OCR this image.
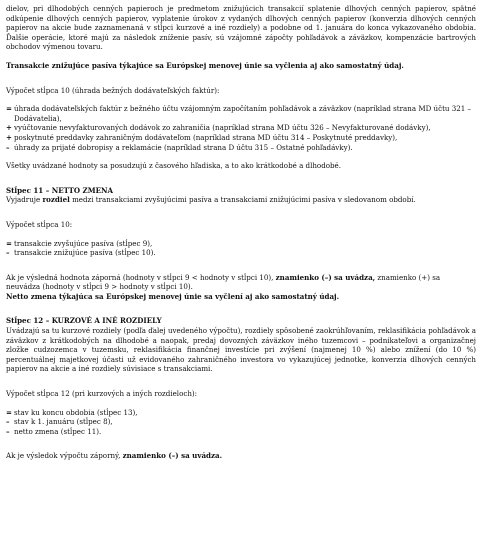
dielov, pri dlhodobých cenných papieroch je predmetom znižujúcich transakcií splatenie dlhových cenných papierov, spätné odkúpenie dlhových cenných papierov, vyplatenie úrokov z vydaných dlhových cenných papierov (konverzia dlhových cenných papierov na akcie bude zaznamenaná v stĺpci kurzové a iné rozdiely) a podobne od 1. januára do konca vykazovaného obdobia. Ďalšie operácie, ktoré majú za následok zníženie pasív, sú vzájomné zápočty pohľadávok a záväzkov, kompenzácie bartrových obchodov výmenou tovaru.

Transakcie znižujúce pasíva týkajúce sa Európskej menovej únie sa vyčlenia aj ako samostatný údaj.

Výpočet stĺpca 10 (úhrada bežných dodávateľských faktúr):

= úhrada dodávateľských faktúr z bežného účtu vzájomným započítaním pohľadávok a záväzkov (napríklad strana MD účtu 321 – Dodávatelia),
+ vyúčtovanie nevyfakturovaných dodávok zo zahraničia (napríklad strana MD účtu 326 – Nevyfakturované dodávky),
+ poskytnuté preddavky zahraničným dodávateľom (napríklad strana MD účtu 314 – Poskytnuté preddavky),
– úhrady za prijaté dobropisy a reklamácie (napríklad strana D účtu 315 – Ostatné pohľadávky).

Všetky uvádzané hodnoty sa posudzujú z časového hľadiska, a to ako krátkodobé a dlhodobé.

Stĺpec 11 – NETTO ZMENA

Vyjadruje rozdiel medzi transakciami zvyšujúcimi pasíva a transakciami znižujúcimi pasíva v sledovanom období.

Výpočet stĺpca 10:

= transakcie zvyšujúce pasíva (stĺpec 9),
– transakcie znižujúce pasíva (stĺpec 10).

Ak je výsledná hodnota záporná (hodnoty v stĺpci 9 < hodnoty v stĺpci 10), znamienko (–) sa uvádza, znamienko (+) sa neuvádza (hodnoty v stĺpci 9 > hodnoty v stĺpci 10).

Netto zmena týkajúca sa Európskej menovej únie sa vyčlení aj ako samostatný údaj.

Stĺpec 12 – KURZOVÉ A INÉ ROZDIELY

Uvádzajú sa tu kurzové rozdiely (podľa ďalej uvedeného výpočtu), rozdiely spôsobené zaokrúhľovaním, reklasifikácia pohľadávok a záväzkov z krátkodobých na dlhodobé a naopak, predaj dovozných záväzkov iného tuzemcovi – podnikateľovi a organizačnej zložke cudzozemca v tuzemsku, reklasifikácia finančnej investície pri zvýšení (najmenej 10 %) alebo znížení (do 10 %) percentuálnej majetkovej účasti už evidovaného zahraničného investora vo vykazujúcej jednotke, konverzia dlhových cenných papierov na akcie a iné rozdiely súvisiace s transakciami.

Výpočet stĺpca 12 (pri kurzových a iných rozdieloch):

= stav ku koncu obdobia (stĺpec 13),
– stav k 1. januáru (stĺpec 8),
– netto zmena (stĺpec 11).

Ak je výsledok výpočtu záporný, znamienko (–) sa uvádza.
